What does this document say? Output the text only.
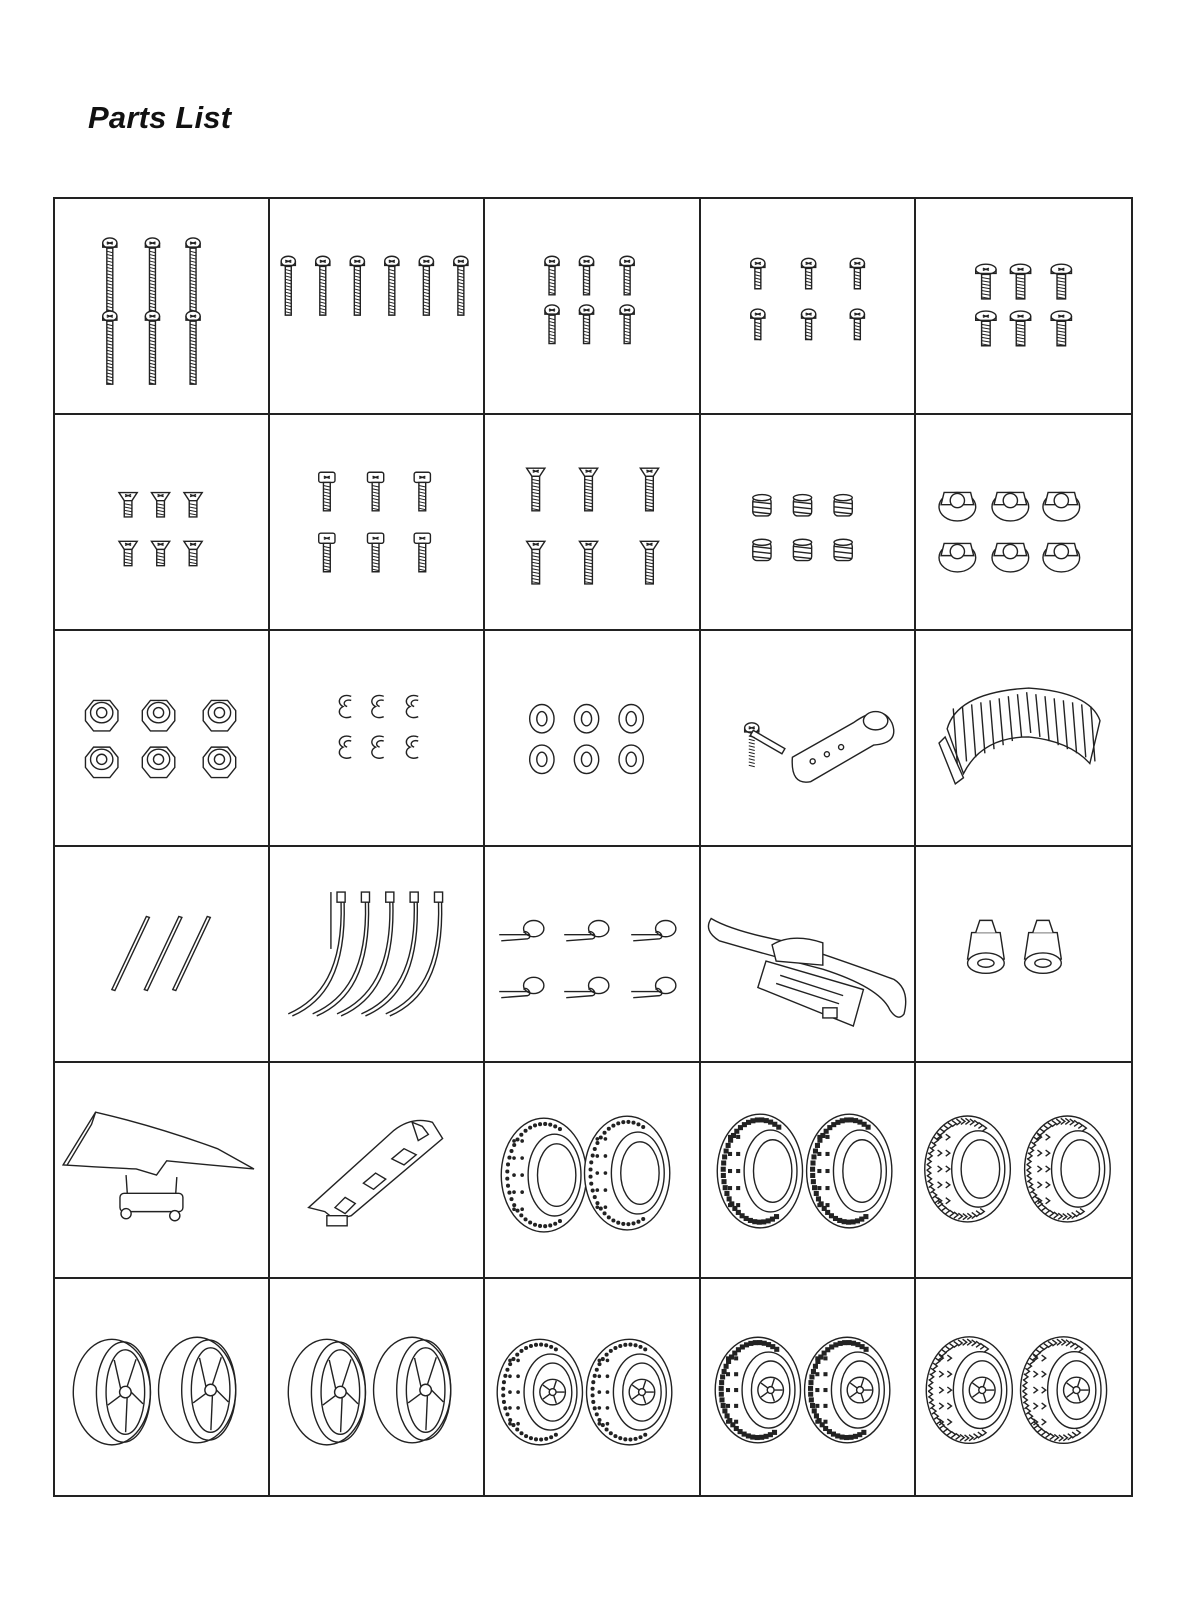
Parts List
